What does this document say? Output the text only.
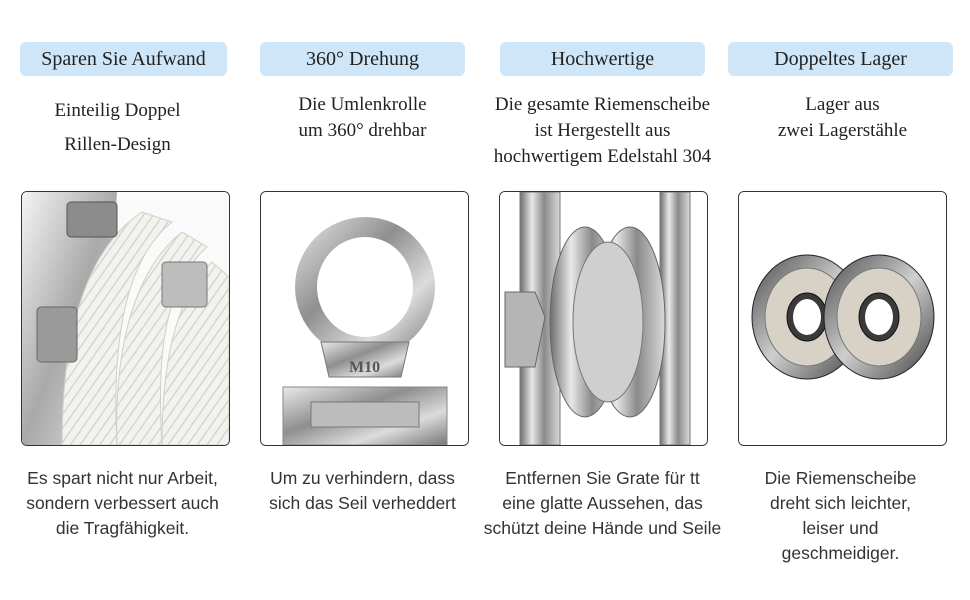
Sparen Sie Aufwand
Einteilig Doppel
Rillen-Design
Es spart nicht nur Arbeit,
sondern verbessert auch
die Tragfähigkeit.
360° Drehung
Die Umlenkrolle
um 360° drehbar
M10
Um zu verhindern, dass
sich das Seil verheddert
Hochwertige
Die gesamte Riemenscheibe
ist Hergestellt aus
hochwertigem Edelstahl 304
Entfernen Sie Grate für tt
eine glatte Aussehen, das
schützt deine Hände und Seile
Doppeltes Lager
Lager aus
zwei Lagerstähle
Die Riemenscheibe
dreht sich leichter,
leiser und
geschmeidiger.
